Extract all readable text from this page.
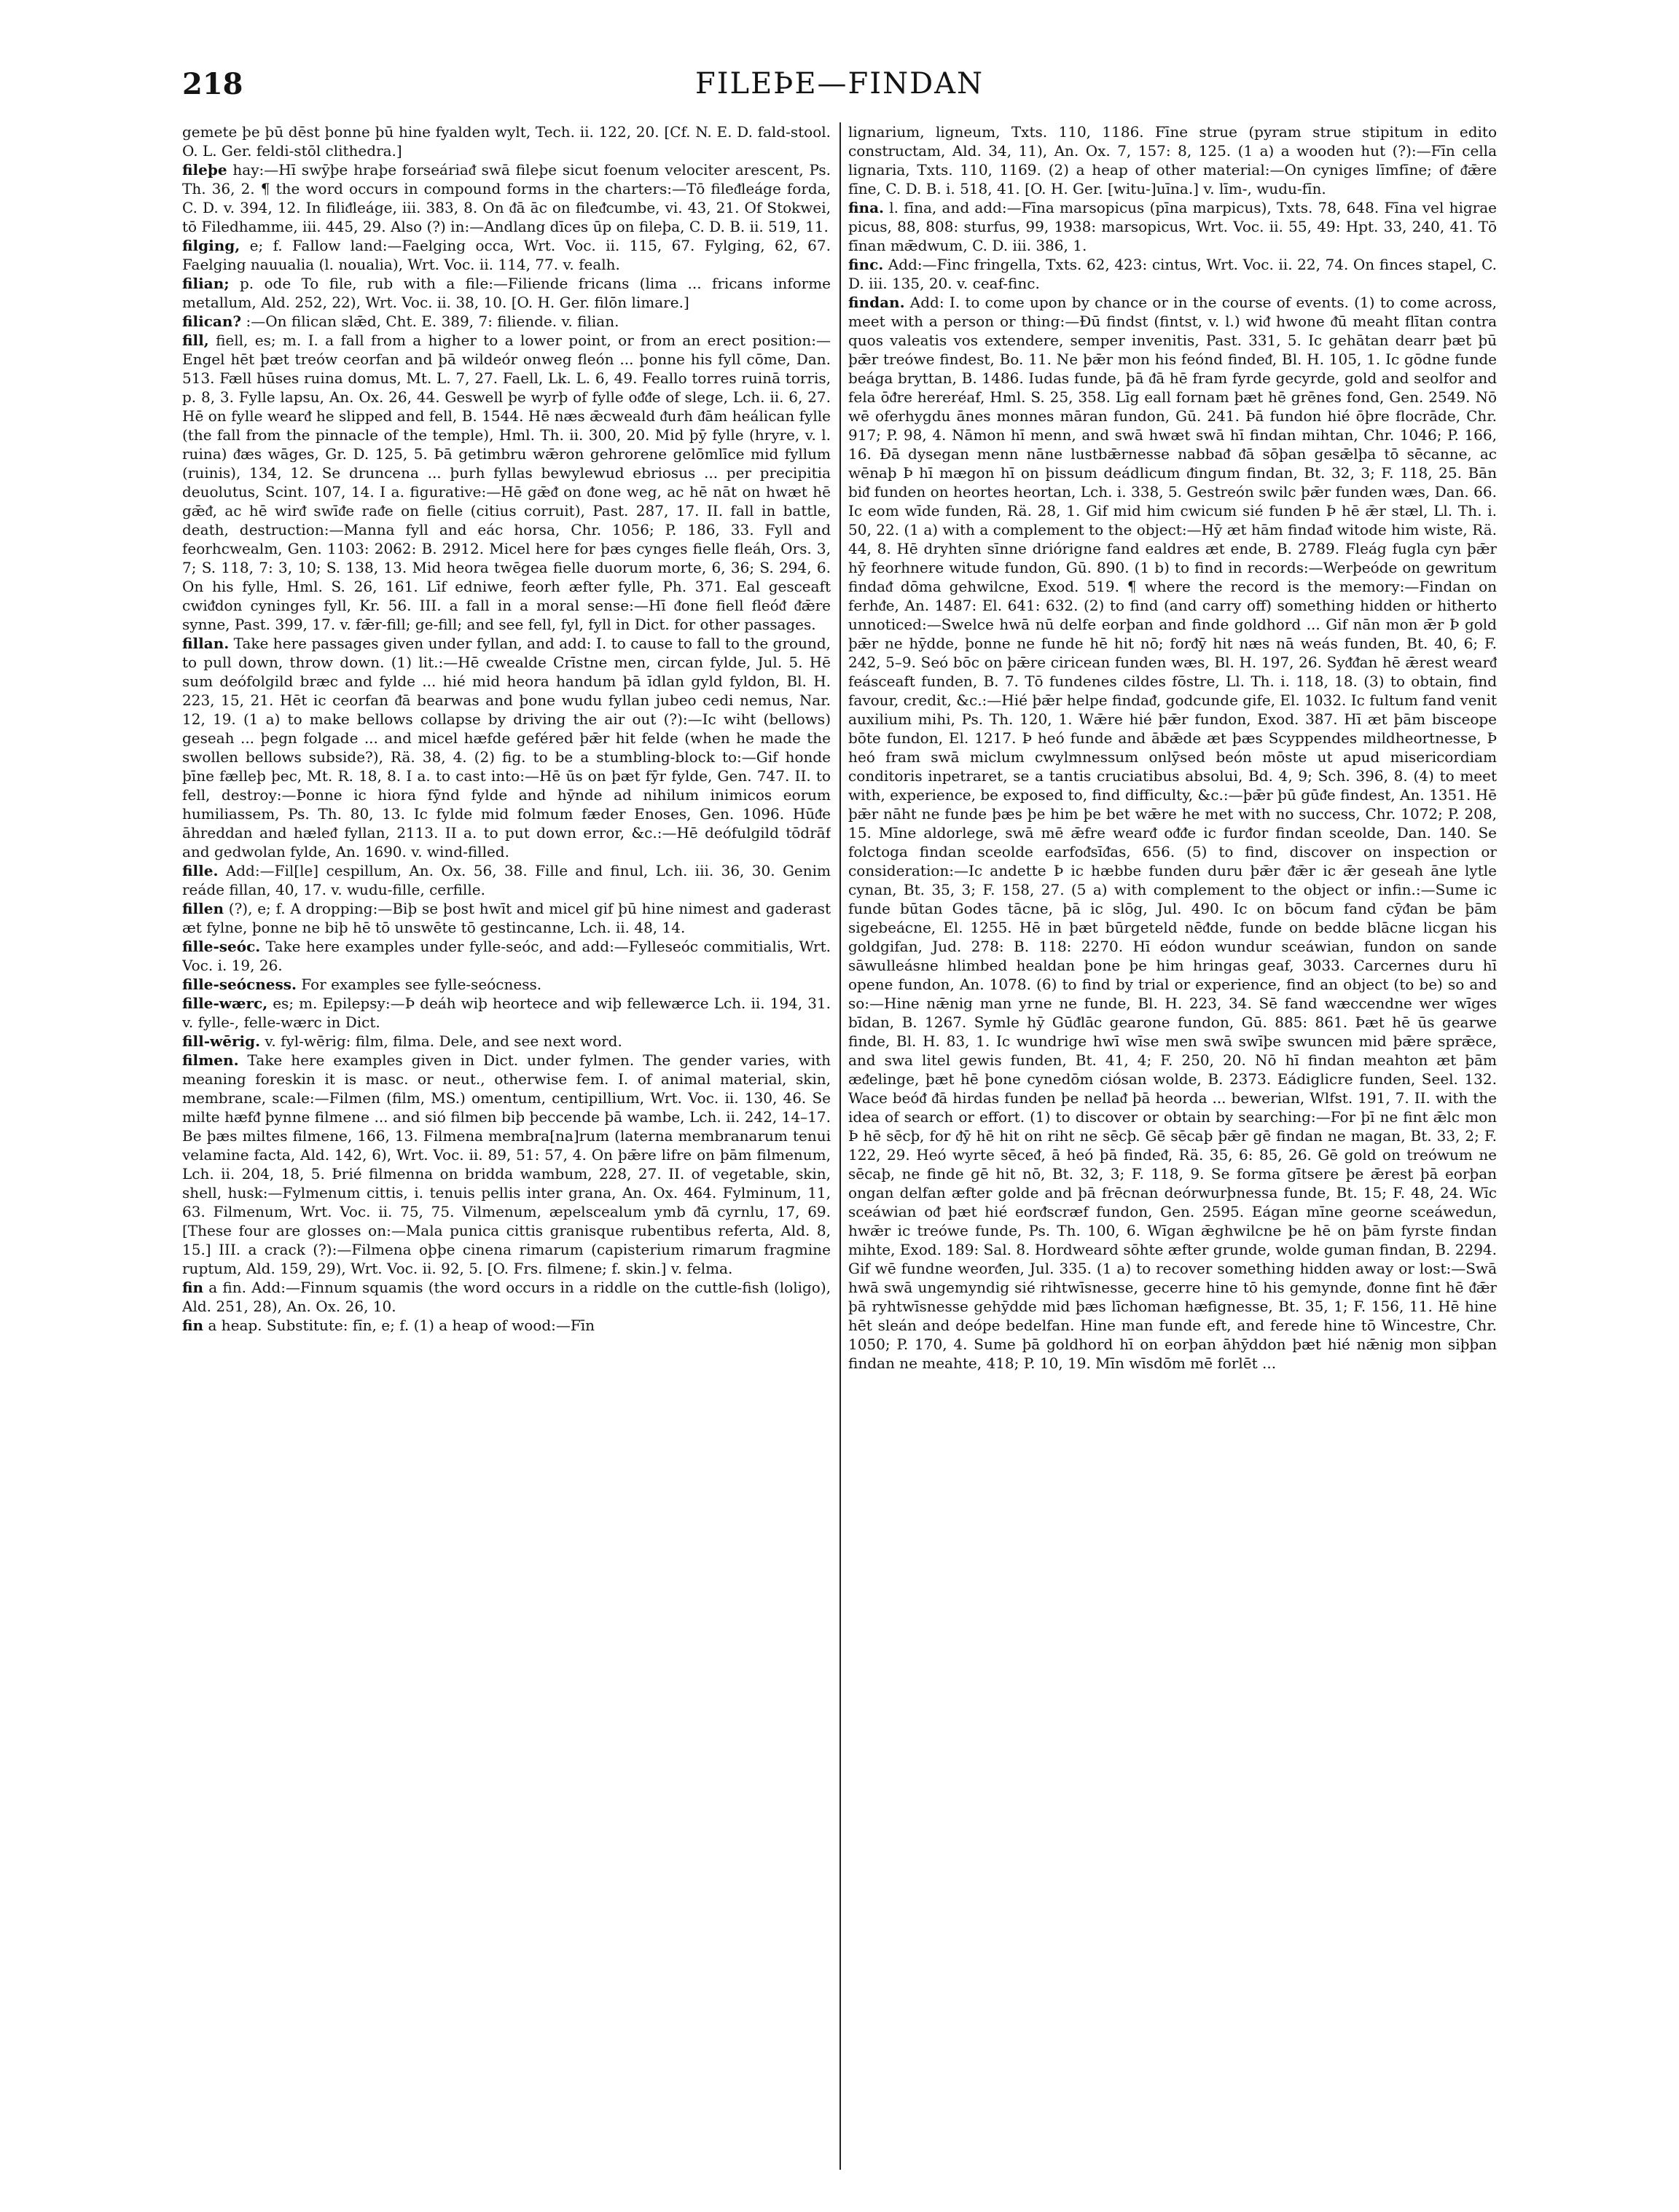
218	FILEÞE—FINDAN

gemete þe þū dēst þonne þū hine fyalden wylt, Tech. ii. 122, 20. [Cf. N. E. D. fald-stool. O. L. Ger. feldi-stōl clithedra.]

fileþe hay:—Hī swȳþe hraþe forseáriaᵭ swā fileþe sicut foenum velociter arescent, Ps. Th. 36, 2. ¶ the word occurs in compound forms in the charters:—Tō fileᵭleáge forda, C. D. v. 394, 12. In filiᵭleáge, iii. 383, 8. On ᵭā āc on fileᵭcumbe, vi. 43, 21. Of Stokwei, tō Filedhamme, iii. 445, 29. Also (?) in:—Andlang dīces ūp on fileþa, C. D. B. ii. 519, 11.

filging, e; f. Fallow land:—Faelging occa, Wrt. Voc. ii. 115, 67. Fylging, 62, 67. Faelging nauualia (l. noualia), Wrt. Voc. ii. 114, 77. v. fealh.

filian; p. ode To file, rub with a file:—Filiende fricans (lima ... fricans informe metallum, Ald. 252, 22), Wrt. Voc. ii. 38, 10. [O. H. Ger. filōn limare.]

filican? :—On filican slǣd, Cht. E. 389, 7: filiende. v. filian.

fill, fiell, es; m. I. a fall from a higher to a lower point, or from an erect position:—Engel hēt þæt treów ceorfan and þā wildeór onweg fleón ... þonne his fyll cōme, Dan. 513. Fæll hūses ruina domus, Mt. L. 7, 27. Faell, Lk. L. 6, 49. Feallo torres ruinā torris, p. 8, 3. Fylle lapsu, An. Ox. 26, 44. Geswell þe wyrþ of fylle oᵭᵭe of slege, Lch. ii. 6, 27. Hē on fylle wearᵭ he slipped and fell, B. 1544. Hē næs ǣcweald ᵭurh ᵭām heálican fylle (the fall from the pinnacle of the temple), Hml. Th. ii. 300, 20. Mid þȳ fylle (hryre, v. l. ruina) ᵭæs wāges, Gr. D. 125, 5. Þā getimbru wǣron gehrorene gelōmlīce mid fyllum (ruinis), 134, 12. Se druncena ... þurh fyllas bewylewud ebriosus ... per precipitia deuolutus, Scint. 107, 14. I a. figurative:—Hē gǣᵭ on ᵭone weg, ac hē nāt on hwæt hē gǣᵭ, ac hē wirᵭ swīᵭe raᵭe on fielle (citius corruit), Past. 287, 17. II. fall in battle, death, destruction:—Manna fyll and eác horsa, Chr. 1056; P. 186, 33. Fyll and feorhcwealm, Gen. 1103: 2062: B. 2912. Micel here for þæs cynges fielle fleáh, Ors. 3, 7; S. 118, 7: 3, 10; S. 138, 13. Mid heora twēgea fielle duorum morte, 6, 36; S. 294, 6. On his fylle, Hml. S. 26, 161. Līf edniwe, feorh æfter fylle, Ph. 371. Eal gesceaft cwiᵭdon cyninges fyll, Kr. 56. III. a fall in a moral sense:—Hī ᵭone fiell fleóᵭ ᵭǣre synne, Past. 399, 17. v. fǣr-fill; ge-fill; and see fell, fyl, fyll in Dict. for other passages.

fillan. Take here passages given under fyllan, and add: I. to cause to fall to the ground, to pull down, throw down. (1) lit.:—Hē cwealde Crīstne men, circan fylde, Jul. 5. Hē sum deófolgild bræc and fylde ... hié mid heora handum þā īdlan gyld fyldon, Bl. H. 223, 15, 21. Hēt ic ceorfan ᵭā bearwas and þone wudu fyllan jubeo cedi nemus, Nar. 12, 19. (1 a) to make bellows collapse by driving the air out (?):—Ic wiht (bellows) geseah ... þegn folgade ... and micel hæfde geféred þǣr hit felde (when he made the swollen bellows subside?), Rä. 38, 4. (2) fig. to be a stumbling-block to:—Gif honde þīne fælleþ þec, Mt. R. 18, 8. I a. to cast into:—Hē ūs on þæt fȳr fylde, Gen. 747. II. to fell, destroy:—Þonne ic hiora fȳnd fylde and hȳnde ad nihilum inimicos eorum humiliassem, Ps. Th. 80, 13. Ic fylde mid folmum fæder Enoses, Gen. 1096. Hūᵭe āhreddan and hæleᵭ fyllan, 2113. II a. to put down error, &c.:—Hē deófulgild tōdrāf and gedwolan fylde, An. 1690. v. wind-filled.

fille. Add:—Fil[le] cespillum, An. Ox. 56, 38. Fille and finul, Lch. iii. 36, 30. Genim reáde fillan, 40, 17. v. wudu-fille, cerfille.

fillen (?), e; f. A dropping:—Biþ se þost hwīt and micel gif þū hine nimest and gaderast æt fylne, þonne ne biþ hē tō unswēte tō gestincanne, Lch. ii. 48, 14.

fille-seóc. Take here examples under fylle-seóc, and add:—Fylleseóc commitialis, Wrt. Voc. i. 19, 26.

fille-seócness. For examples see fylle-seócness.

fille-wærc, es; m. Epilepsy:—Þ deáh wiþ heortece and wiþ fellewærce Lch. ii. 194, 31. v. fylle-, felle-wærc in Dict.

fill-wērig. v. fyl-wērig: film, filma. Dele, and see next word.

filmen. Take here examples given in Dict. under fylmen. The gender varies, with meaning foreskin it is masc. or neut., otherwise fem. I. of animal material, skin, membrane, scale:—Filmen (film, MS.) omentum, centipillium, Wrt. Voc. ii. 130, 46. Se milte hæfᵭ þynne filmene ... and sió filmen biþ þeccende þā wambe, Lch. ii. 242, 14–17. Be þæs miltes filmene, 166, 13. Filmena membra[na]rum (laterna membranarum tenui velamine facta, Ald. 142, 6), Wrt. Voc. ii. 89, 51: 57, 4. On þǣre lifre on þām filmenum, Lch. ii. 204, 18, 5. Þrié filmenna on bridda wambum, 228, 27. II. of vegetable, skin, shell, husk:—Fylmenum cittis, i. tenuis pellis inter grana, An. Ox. 464. Fylminum, 11, 63. Filmenum, Wrt. Voc. ii. 75, 75. Vilmenum, æpelscealum ymb ᵭā cyrnlu, 17, 69. [These four are glosses on:—Mala punica cittis granisque rubentibus referta, Ald. 8, 15.] III. a crack (?):—Filmena oþþe cinena rimarum (capisterium rimarum fragmine ruptum, Ald. 159, 29), Wrt. Voc. ii. 92, 5. [O. Frs. filmene; f. skin.] v. felma.

fin a fin. Add:—Finnum squamis (the word occurs in a riddle on the cuttle-fish (loligo), Ald. 251, 28), An. Ox. 26, 10.

fin a heap. Substitute: fīn, e; f. (1) a heap of wood:—Fīn

lignarium, ligneum, Txts. 110, 1186. Fīne strue (pyram strue stipitum in edito constructam, Ald. 34, 11), An. Ox. 7, 157: 8, 125. (1 a) a wooden hut (?):—Fīn cella lignaria, Txts. 110, 1169. (2) a heap of other material:—On cyniges līmfīne; of ᵭǣre fīne, C. D. B. i. 518, 41. [O. H. Ger. [witu-]uīna.] v. līm-, wudu-fīn.

fina. l. fīna, and add:—Fīna marsopicus (pīna marpicus), Txts. 78, 648. Fīna vel higrae picus, 88, 808: sturfus, 99, 1938: marsopicus, Wrt. Voc. ii. 55, 49: Hpt. 33, 240, 41. Tō fīnan mǣdwum, C. D. iii. 386, 1.

finc. Add:—Finc fringella, Txts. 62, 423: cintus, Wrt. Voc. ii. 22, 74. On finces stapel, C. D. iii. 135, 20. v. ceaf-finc.

findan. Add: I. to come upon by chance or in the course of events. (1) to come across, meet with a person or thing:—Ðū findst (fintst, v. l.) wiᵭ hwone ᵭū meaht flītan contra quos valeatis vos extendere, semper invenitis, Past. 331, 5. Ic gehātan dearr þæt þū þǣr treówe findest, Bo. 11. Ne þǣr mon his feónd findeᵭ, Bl. H. 105, 1. Ic gōdne funde beága bryttan, B. 1486. Iudas funde, þā ᵭā hē fram fyrde gecyrde, gold and seolfor and fela ōᵭre hereréaf, Hml. S. 25, 358. Līg eall fornam þæt hē grēnes fond, Gen. 2549. Nō wē oferhygdu ānes monnes māran fundon, Gū. 241. Þā fundon hié ōþre flocrāde, Chr. 917; P. 98, 4. Nāmon hī menn, and swā hwæt swā hī findan mihtan, Chr. 1046; P. 166, 16. Ðā dysegan menn nāne lustbǣrnesse nabbaᵭ ᵭā sōþan gesǣlþa tō sēcanne, ac wēnaþ Þ hī mægon hī on þissum deádlicum ᵭingum findan, Bt. 32, 3; F. 118, 25. Bān biᵭ funden on heortes heortan, Lch. i. 338, 5. Gestreón swilc þǣr funden wæs, Dan. 66. Ic eom wīde funden, Rä. 28, 1. Gif mid him cwicum sié funden Þ hē ǣr stæl, Ll. Th. i. 50, 22. (1 a) with a complement to the object:—Hȳ æt hām findaᵭ witode him wiste, Rä. 44, 8. Hē dryhten sīnne driórigne fand ealdres æt ende, B. 2789. Fleág fugla cyn þǣr hȳ feorhnere witude fundon, Gū. 890. (1 b) to find in records:—Werþeóde on gewritum findaᵭ dōma gehwilcne, Exod. 519. ¶ where the record is the memory:—Findan on ferhᵭe, An. 1487: El. 641: 632. (2) to find (and carry off) something hidden or hitherto unnoticed:—Swelce hwā nū delfe eorþan and finde goldhord ... Gif nān mon ǣr Þ gold þǣr ne hȳdde, þonne ne funde hē hit nō; forᵭȳ hit næs nā weás funden, Bt. 40, 6; F. 242, 5–9. Seó bōc on þǣre ciricean funden wæs, Bl. H. 197, 26. Syᵭᵭan hē ǣrest wearᵭ feásceaft funden, B. 7. Tō fundenes cildes fōstre, Ll. Th. i. 118, 18. (3) to obtain, find favour, credit, &c.:—Hié þǣr helpe findaᵭ, godcunde gife, El. 1032. Ic fultum fand venit auxilium mihi, Ps. Th. 120, 1. Wǣre hié þǣr fundon, Exod. 387. Hī æt þām bisceope bōte fundon, El. 1217. Þ heó funde and ābǣde æt þæs Scyppendes mildheortnesse, Þ heó fram swā miclum cwylmnessum onlȳsed beón mōste ut apud misericordiam conditoris inpetraret, se a tantis cruciatibus absolui, Bd. 4, 9; Sch. 396, 8. (4) to meet with, experience, be exposed to, find difficulty, &c.:—þǣr þū gūᵭe findest, An. 1351. Hē þǣr nāht ne funde þæs þe him þe bet wǣre he met with no success, Chr. 1072; P. 208, 15. Mīne aldorlege, swā mē ǣfre wearᵭ oᵭᵭe ic furᵭor findan sceolde, Dan. 140. Se folctoga findan sceolde earfoᵭsīᵭas, 656. (5) to find, discover on inspection or consideration:—Ic andette Þ ic hæbbe funden duru þǣr ᵭǣr ic ǣr geseah āne lytle cynan, Bt. 35, 3; F. 158, 27. (5 a) with complement to the object or infin.:—Sume ic funde būtan Godes tācne, þā ic slōg, Jul. 490. Ic on bōcum fand cȳᵭan be þām sigebeácne, El. 1255. Hē in þæt būrgeteld nēᵭde, funde on bedde blācne licgan his goldgifan, Jud. 278: B. 118: 2270. Hī eódon wundur sceáwian, fundon on sande sāwulleásne hlimbed healdan þone þe him hringas geaf, 3033. Carcernes duru hī opene fundon, An. 1078. (6) to find by trial or experience, find an object (to be) so and so:—Hine nǣnig man yrne ne funde, Bl. H. 223, 34. Sē fand wæccendne wer wīges bīdan, B. 1267. Symle hȳ Gūᵭlāc gearone fundon, Gū. 885: 861. Þæt hē ūs gearwe finde, Bl. H. 83, 1. Ic wundrige hwī wīse men swā swīþe swuncen mid þǣre sprǣce, and swa litel gewis funden, Bt. 41, 4; F. 250, 20. Nō hī findan meahton æt þām æᵭelinge, þæt hē þone cynedōm ciósan wolde, B. 2373. Eádiglicre funden, Seel. 132. Wace beóᵭ ᵭā hirdas funden þe nellaᵭ þā heorda ... bewerian, Wlfst. 191, 7. II. with the idea of search or effort. (1) to discover or obtain by searching:—For þī ne fint ǣlc mon Þ hē sēcþ, for ᵭȳ hē hit on riht ne sēcþ. Gē sēcaþ þǣr gē findan ne magan, Bt. 33, 2; F. 122, 29. Heó wyrte sēceᵭ, ā heó þā findeᵭ, Rä. 35, 6: 85, 26. Gē gold on treówum ne sēcaþ, ne finde gē hit nō, Bt. 32, 3; F. 118, 9. Se forma gītsere þe ǣrest þā eorþan ongan delfan æfter golde and þā frēcnan deórwurþnessa funde, Bt. 15; F. 48, 24. Wīc sceáwian oᵭ þæt hié eorᵭscræf fundon, Gen. 2595. Eágan mīne georne sceáwedun, hwǣr ic treówe funde, Ps. Th. 100, 6. Wīgan ǣghwilcne þe hē on þām fyrste findan mihte, Exod. 189: Sal. 8. Hordweard sōhte æfter grunde, wolde guman findan, B. 2294. Gif wē fundne weorᵭen, Jul. 335. (1 a) to recover something hidden away or lost:—Swā hwā swā ungemyndig sié rihtwīsnesse, gecerre hine tō his gemynde, ᵭonne fint hē ᵭǣr þā ryhtwīsnesse gehȳdde mid þæs līchoman hæfignesse, Bt. 35, 1; F. 156, 11. Hē hine hēt sleán and deópe bedelfan. Hine man funde eft, and ferede hine tō Wincestre, Chr. 1050; P. 170, 4. Sume þā goldhord hī on eorþan āhȳddon þæt hié nǣnig mon siþþan findan ne meahte, 418; P. 10, 19. Mīn wīsdōm mē forlēt ...
